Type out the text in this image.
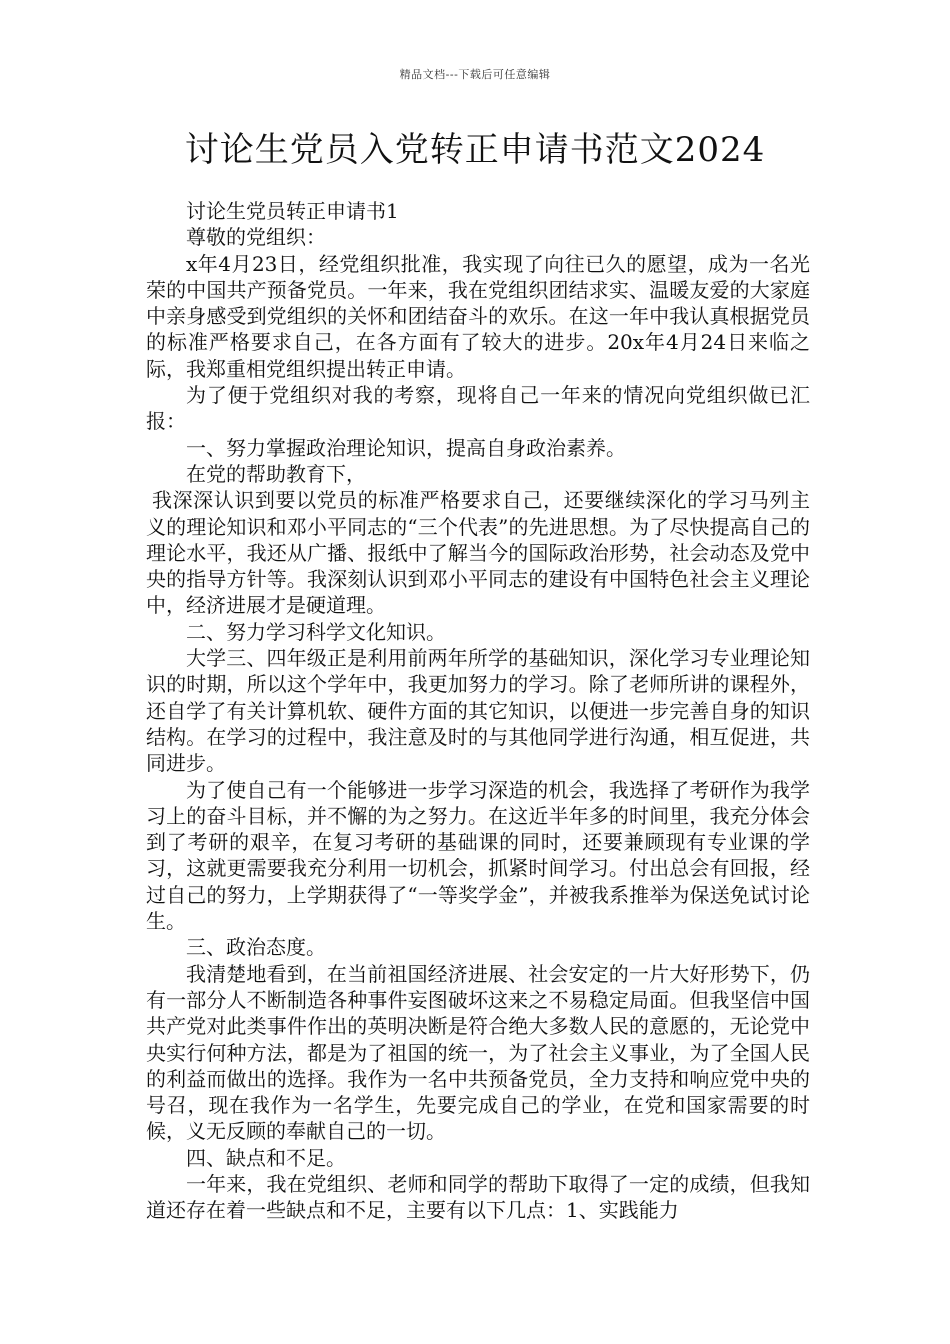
精品文档---下载后可任意编辑
讨论生党员入党转正申请书范文2024

讨论生党员转正申请书1

尊敬的党组织：

x年4月23日，经党组织批准，我实现了向往已久的愿望，成为一名光荣的中国共产预备党员。一年来，我在党组织团结求实、温暖友爱的大家庭中亲身感受到党组织的关怀和团结奋斗的欢乐。在这一年中我认真根据党员的标准严格要求自己，在各方面有了较大的进步。20x年4月24日来临之际，我郑重相党组织提出转正申请。

为了便于党组织对我的考察，现将自己一年来的情况向党组织做已汇报：

一、努力掌握政治理论知识，提高自身政治素养。

在党的帮助教育下，

我深深认识到要以党员的标准严格要求自己，还要继续深化的学习马列主义的理论知识和邓小平同志的“三个代表”的先进思想。为了尽快提高自己的理论水平，我还从广播、报纸中了解当今的国际政治形势，社会动态及党中央的指导方针等。我深刻认识到邓小平同志的建设有中国特色社会主义理论中，经济进展才是硬道理。

二、努力学习科学文化知识。

大学三、四年级正是利用前两年所学的基础知识，深化学习专业理论知识的时期，所以这个学年中，我更加努力的学习。除了老师所讲的课程外，还自学了有关计算机软、硬件方面的其它知识，以便进一步完善自身的知识结构。在学习的过程中，我注意及时的与其他同学进行沟通，相互促进，共同进步。

为了使自己有一个能够进一步学习深造的机会，我选择了考研作为我学习上的奋斗目标，并不懈的为之努力。在这近半年多的时间里，我充分体会到了考研的艰辛，在复习考研的基础课的同时，还要兼顾现有专业课的学习，这就更需要我充分利用一切机会，抓紧时间学习。付出总会有回报，经过自己的努力，上学期获得了“一等奖学金”，并被我系推举为保送免试讨论生。

三、政治态度。

我清楚地看到，在当前祖国经济进展、社会安定的一片大好形势下，仍有一部分人不断制造各种事件妄图破坏这来之不易稳定局面。但我坚信中国共产党对此类事件作出的英明决断是符合绝大多数人民的意愿的，无论党中央实行何种方法，都是为了祖国的统一，为了社会主义事业，为了全国人民的利益而做出的选择。我作为一名中共预备党员，全力支持和响应党中央的号召，现在我作为一名学生，先要完成自己的学业，在党和国家需要的时候，义无反顾的奉献自己的一切。

四、缺点和不足。

一年来，我在党组织、老师和同学的帮助下取得了一定的成绩，但我知道还存在着一些缺点和不足，主要有以下几点：1、实践能力
